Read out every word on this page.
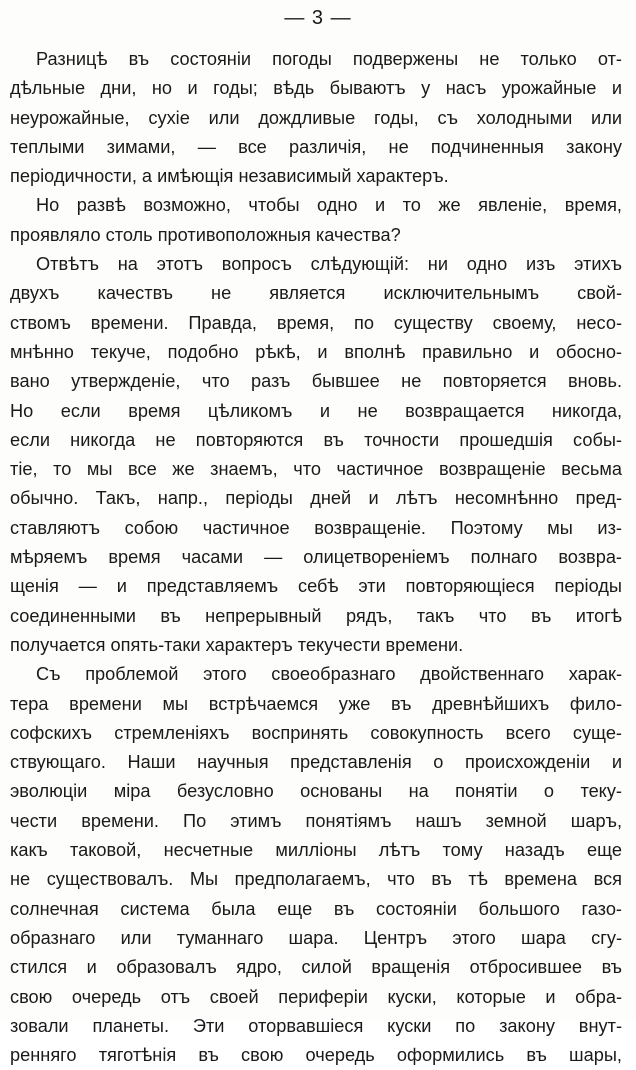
— 3 —
Разницѣ въ состояніи погоды подвержены не только от-
дѣльные дни, но и годы; вѣдь бываютъ у насъ урожайные и
неурожайные, сухіе или дождливые годы, съ холодными или
теплыми зимами, — все различія, не подчиненныя закону
періодичности, а имѣющія независимый характеръ.
Но развѣ возможно, чтобы одно и то же явленіе, время,
проявляло столь противоположныя качества?
Отвѣтъ на этотъ вопросъ слѣдующій: ни одно изъ этихъ
двухъ качествъ не является исключительнымъ свой-
ствомъ времени. Правда, время, по существу своему, несо-
мнѣнно текуче, подобно рѣкѣ, и вполнѣ правильно и обосно-
вано утвержденіе, что разъ бывшее не повторяется вновь.
Но если время цѣликомъ и не возвращается никогда,
если никогда не повторяются въ точности прошедшія собы-
тіе, то мы все же знаемъ, что частичное возвращеніе весьма
обычно. Такъ, напр., періоды дней и лѣтъ несомнѣнно пред-
ставляютъ собою частичное возвращеніе. Поэтому мы из-
мѣряемъ время часами — олицетвореніемъ полнаго возвра-
щенія — и представляемъ себѣ эти повторяющіеся періоды
соединенными въ непрерывный рядъ, такъ что въ итогѣ
получается опять-таки характеръ текучести времени.
Съ проблемой этого своеобразнаго двойственнаго харак-
тера времени мы встрѣчаемся уже въ древнѣйшихъ фило-
софскихъ стремленіяхъ воспринять совокупность всего суще-
ствующаго. Наши научныя представленія о происхожденіи и
эволюціи міра безусловно основаны на понятіи о теку-
чести времени. По этимъ понятіямъ нашъ земной шаръ,
какъ таковой, несчетные милліоны лѣтъ тому назадъ еще
не существовалъ. Мы предполагаемъ, что въ тѣ времена вся
солнечная система была еще въ состояніи большого газо-
образнаго или туманнаго шара. Центръ этого шара сгу-
стился и образовалъ ядро, силой вращенія отбросившее въ
свою очередь отъ своей периферіи куски, которые и обра-
зовали планеты. Эти оторвавшіеся куски по закону внут-
ренняго тяготѣнія въ свою очередь оформились въ шары,
